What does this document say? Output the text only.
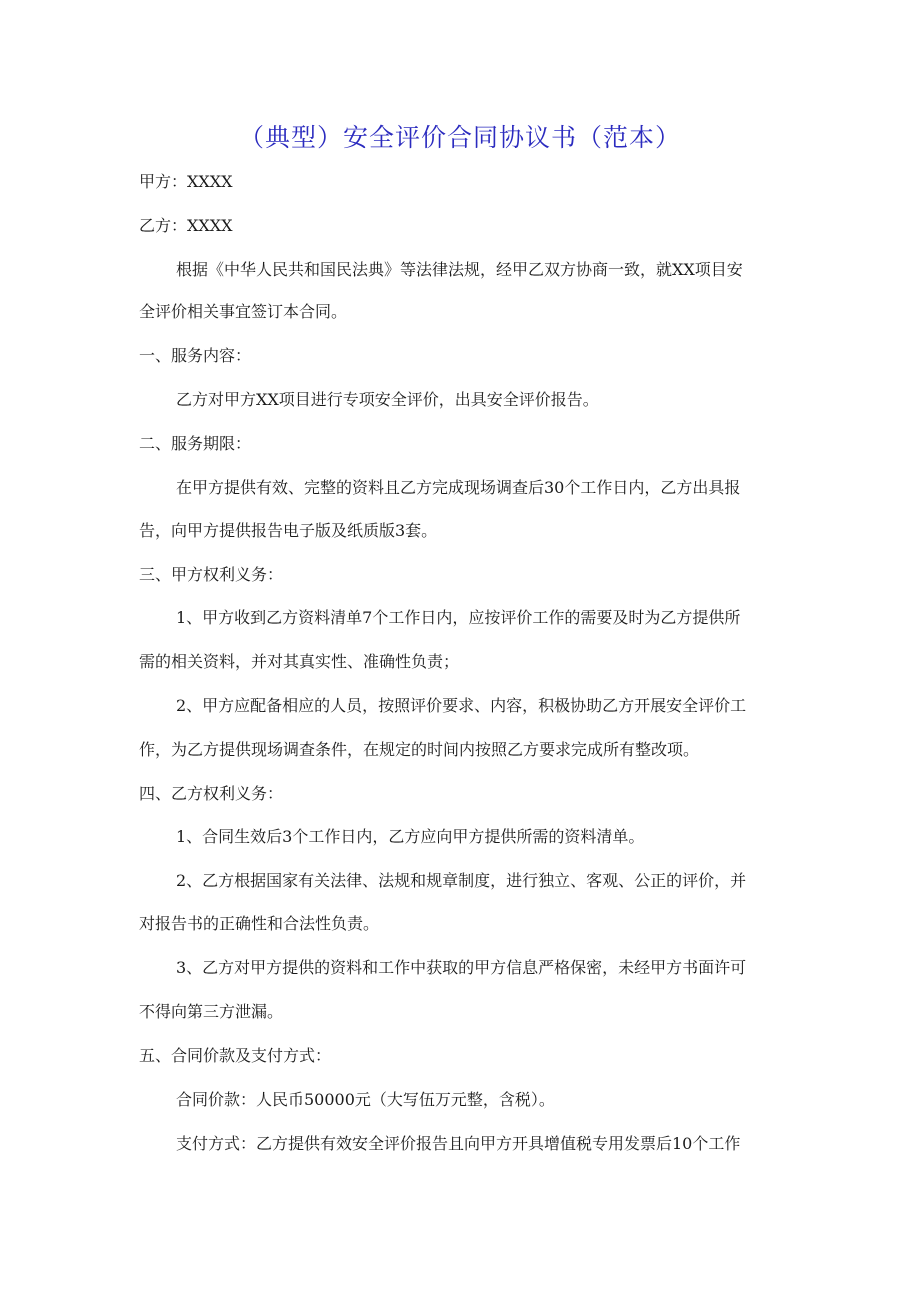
（典型）安全评价合同协议书（范本）
甲方：XXXX
乙方：XXXX
根据《中华人民共和国民法典》等法律法规，经甲乙双方协商一致，就XX项目安
全评价相关事宜签订本合同。
一、服务内容：
乙方对甲方XX项目进行专项安全评价，出具安全评价报告。
二、服务期限：
在甲方提供有效、完整的资料且乙方完成现场调查后30个工作日内，乙方出具报
告，向甲方提供报告电子版及纸质版3套。
三、甲方权利义务：
1、甲方收到乙方资料清单7个工作日内，应按评价工作的需要及时为乙方提供所
需的相关资料，并对其真实性、准确性负责；
2、甲方应配备相应的人员，按照评价要求、内容，积极协助乙方开展安全评价工
作，为乙方提供现场调查条件，在规定的时间内按照乙方要求完成所有整改项。
四、乙方权利义务：
1、合同生效后3个工作日内，乙方应向甲方提供所需的资料清单。
2、乙方根据国家有关法律、法规和规章制度，进行独立、客观、公正的评价，并
对报告书的正确性和合法性负责。
3、乙方对甲方提供的资料和工作中获取的甲方信息严格保密，未经甲方书面许可
不得向第三方泄漏。
五、合同价款及支付方式：
合同价款：人民币50000元（大写伍万元整，含税）。
支付方式：乙方提供有效安全评价报告且向甲方开具增值税专用发票后10个工作
